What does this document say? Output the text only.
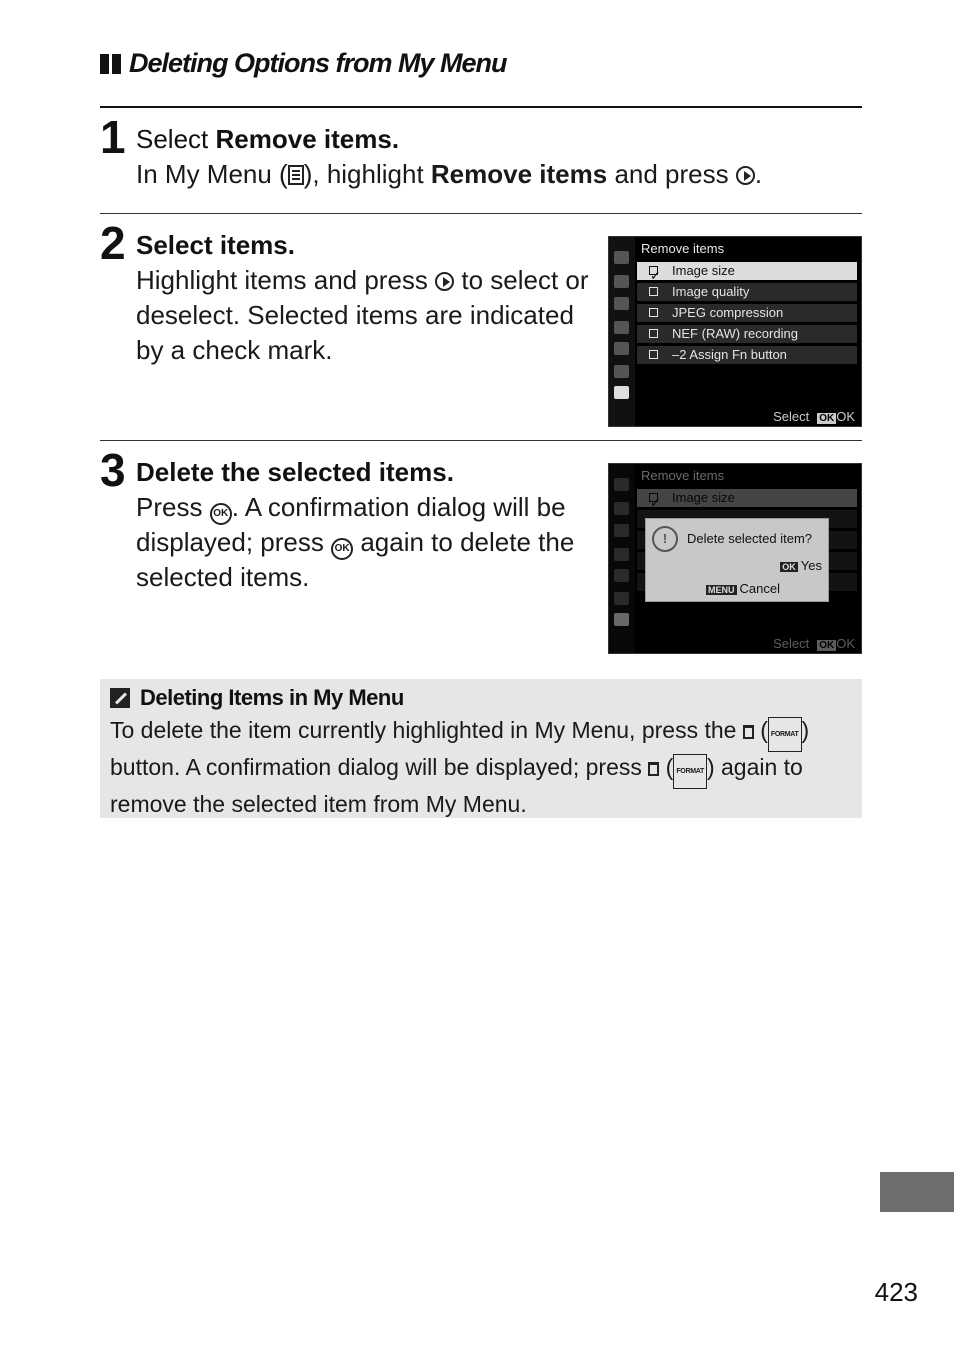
Deleting Options from My Menu
1 Select Remove items.
In My Menu ( ), highlight Remove items and press .
2 Select items.
Highlight items and press  to select or deselect. Selected items are indicated by a check mark.
Remove items
✓ Image size
Image quality
JPEG compression
NEF (RAW) recording
–2 Assign Fn button
Select OK OK
3 Delete the selected items.
Press OK . A confirmation dialog will be displayed; press OK again to delete the selected items.
Remove items
✓ Image size
!	Delete selected item?
OK Yes
MENU Cancel
Select OK OK
Deleting Items in My Menu
To delete the item currently highlighted in My Menu, press the  ( FORMAT ) button. A confirmation dialog will be displayed; press  ( FORMAT ) again to remove the selected item from My Menu.
423
